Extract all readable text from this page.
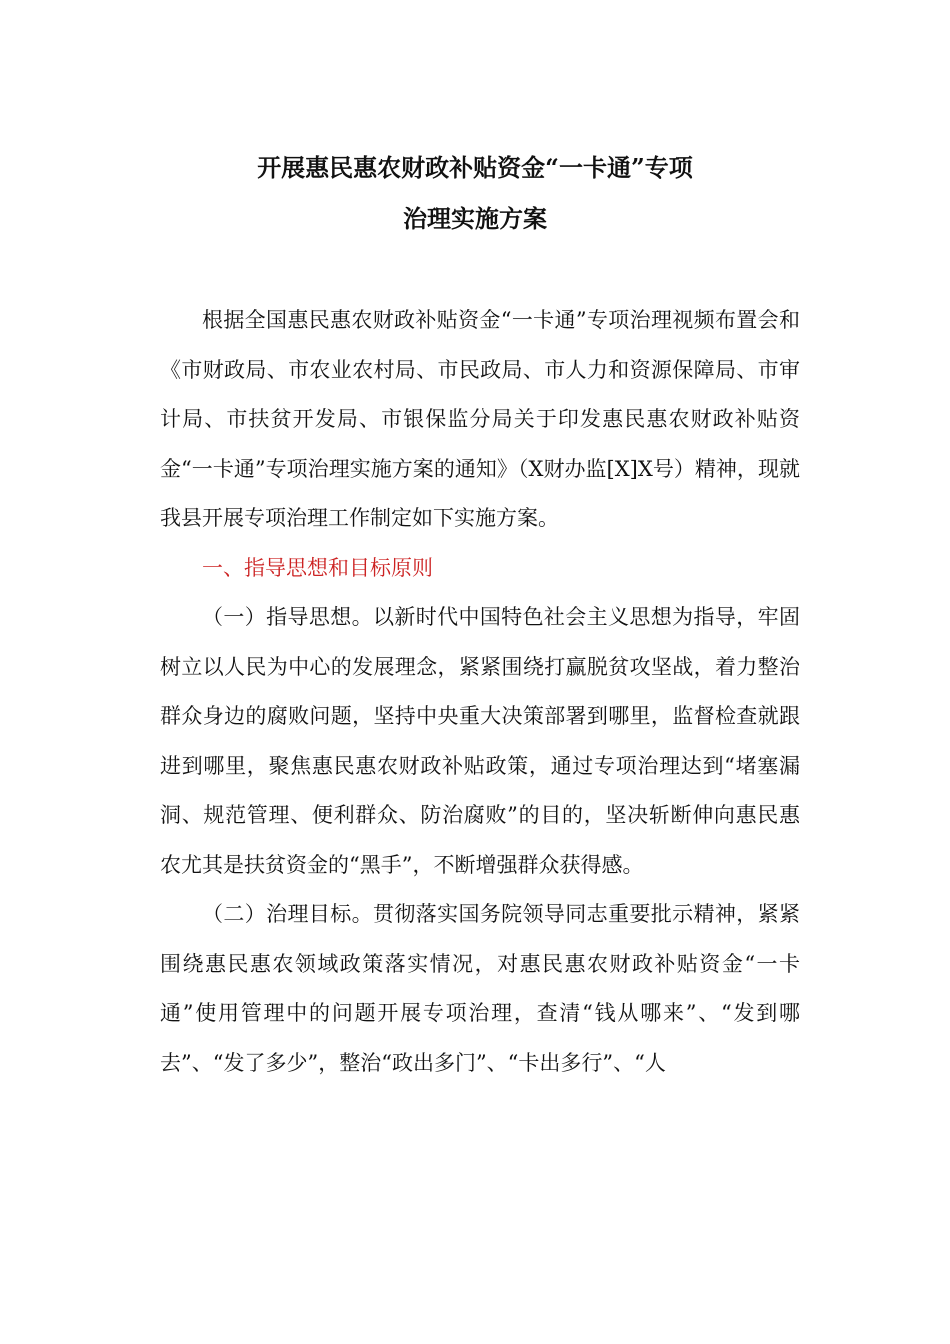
开展惠民惠农财政补贴资金“一卡通”专项
治理实施方案

根据全国惠民惠农财政补贴资金“一卡通”专项治理视频布置会和《市财政局、市农业农村局、市民政局、市人力和资源保障局、市审计局、市扶贫开发局、市银保监分局关于印发惠民惠农财政补贴资金“一卡通”专项治理实施方案的通知》（X财办监[X]X号）精神，现就我县开展专项治理工作制定如下实施方案。

一、指导思想和目标原则

（一）指导思想。以新时代中国特色社会主义思想为指导，牢固树立以人民为中心的发展理念，紧紧围绕打赢脱贫攻坚战，着力整治群众身边的腐败问题，坚持中央重大决策部署到哪里，监督检查就跟进到哪里，聚焦惠民惠农财政补贴政策，通过专项治理达到“堵塞漏洞、规范管理、便利群众、防治腐败”的目的，坚决斩断伸向惠民惠农尤其是扶贫资金的“黑手”，不断增强群众获得感。

（二）治理目标。贯彻落实国务院领导同志重要批示精神，紧紧围绕惠民惠农领域政策落实情况，对惠民惠农财政补贴资金“一卡通”使用管理中的问题开展专项治理，查清“钱从哪来”、“发到哪去”、“发了多少”，整治“政出多门”、“卡出多行”、“人
